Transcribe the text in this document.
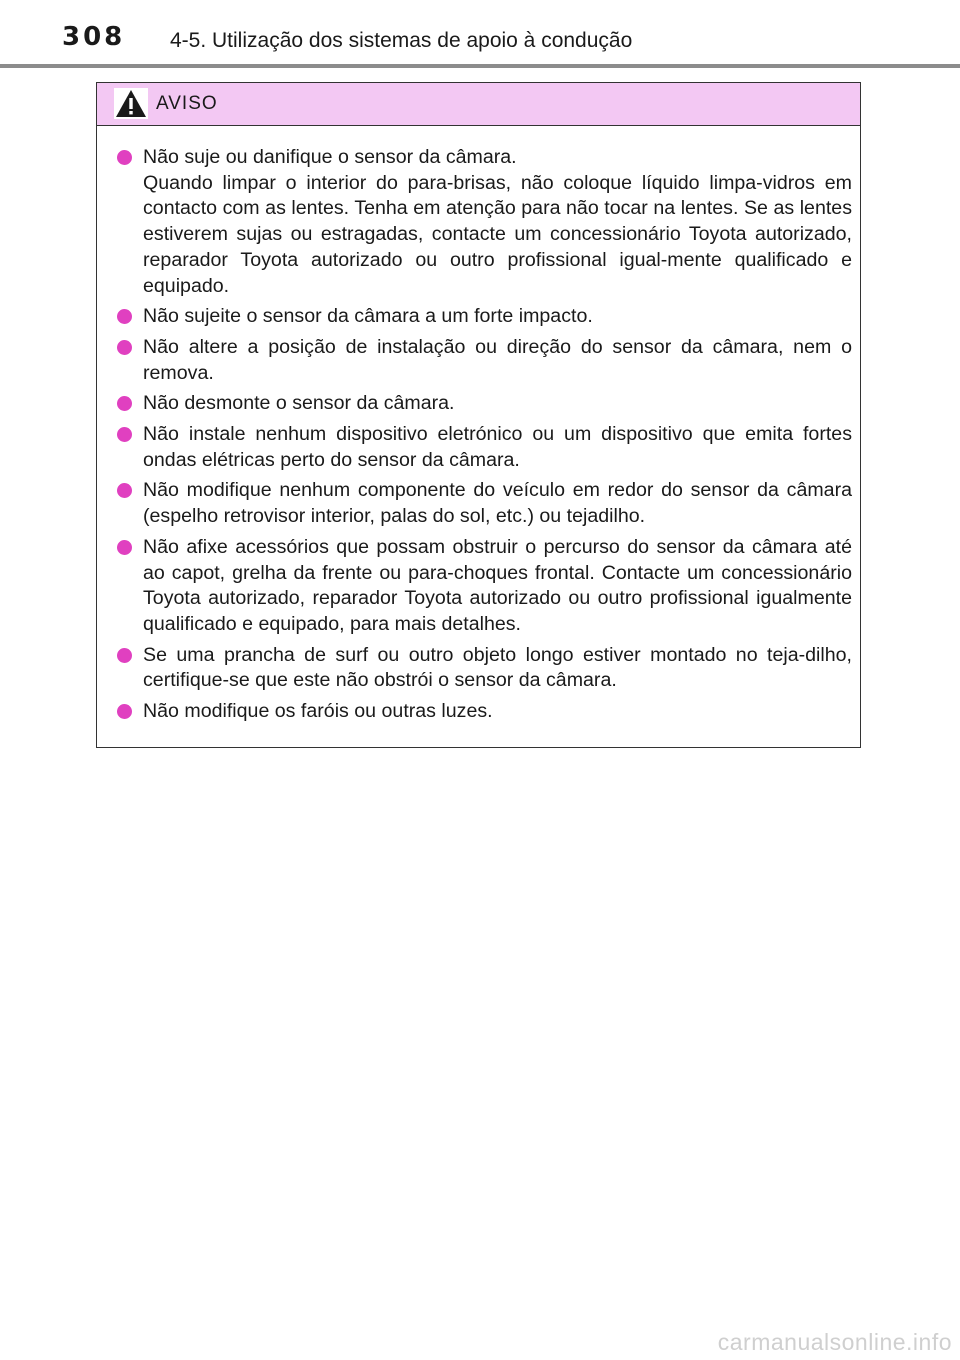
308 4-5. Utilização dos sistemas de apoio à condução
AVISO
Não suje ou danifique o sensor da câmara.
Quando limpar o interior do para-brisas, não coloque líquido limpa-vidros em contacto com as lentes. Tenha em atenção para não tocar na lentes. Se as lentes estiverem sujas ou estragadas, contacte um concessionário Toyota autorizado, reparador Toyota autorizado ou outro profissional igual-mente qualificado e equipado.
Não sujeite o sensor da câmara a um forte impacto.
Não altere a posição de instalação ou direção do sensor da câmara, nem o remova.
Não desmonte o sensor da câmara.
Não instale nenhum dispositivo eletrónico ou um dispositivo que emita fortes ondas elétricas perto do sensor da câmara.
Não modifique nenhum componente do veículo em redor do sensor da câmara (espelho retrovisor interior, palas do sol, etc.) ou tejadilho.
Não afixe acessórios que possam obstruir o percurso do sensor da câmara até ao capot, grelha da frente ou para-choques frontal. Contacte um concessionário Toyota autorizado, reparador Toyota autorizado ou outro profissional igualmente qualificado e equipado, para mais detalhes.
Se uma prancha de surf ou outro objeto longo estiver montado no teja-dilho, certifique-se que este não obstrói o sensor da câmara.
Não modifique os faróis ou outras luzes.
carmanualsonline.info
